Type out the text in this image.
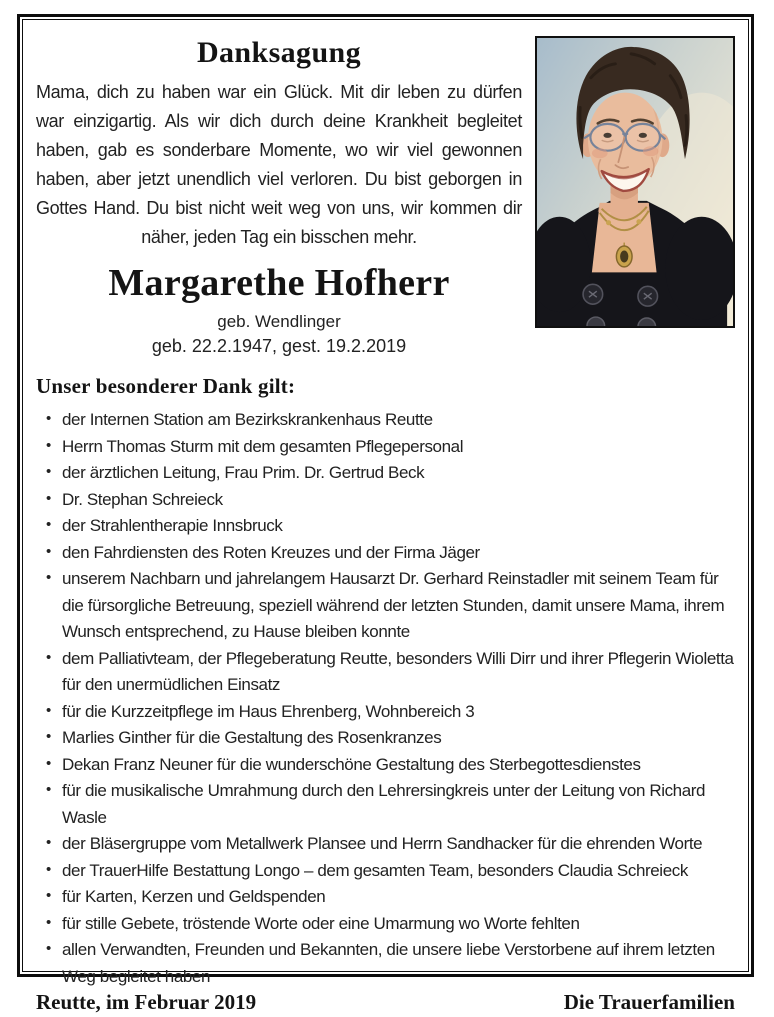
Danksagung
Mama, dich zu haben war ein Glück. Mit dir leben zu dürfen war einzigartig. Als wir dich durch deine Krankheit begleitet haben, gab es sonderbare Momente, wo wir viel gewonnen haben, aber jetzt unendlich viel verloren. Du bist geborgen in Gottes Hand. Du bist nicht weit weg von uns, wir kommen dir näher, jeden Tag ein bisschen mehr.
Margarethe Hofherr
geb. Wendlinger
geb. 22.2.1947, gest. 19.2.2019
Unser besonderer Dank gilt:
• der Internen Station am Bezirkskrankenhaus Reutte
• Herrn Thomas Sturm mit dem gesamten Pflegepersonal
• der ärztlichen Leitung, Frau Prim. Dr. Gertrud Beck
• Dr. Stephan Schreieck
• der Strahlentherapie Innsbruck
• den Fahrdiensten des Roten Kreuzes und der Firma Jäger
• unserem Nachbarn und jahrelangem Hausarzt Dr. Gerhard Reinstadler mit seinem Team für die fürsorgliche Betreuung, speziell während der letzten Stunden, damit unsere Mama, ihrem Wunsch entsprechend, zu Hause bleiben konnte
• dem Palliativteam, der Pflegeberatung Reutte, besonders Willi Dirr und ihrer Pflegerin Wioletta für den unermüdlichen Einsatz
• für die Kurzzeitpflege im Haus Ehrenberg, Wohnbereich 3
• Marlies Ginther für die Gestaltung des Rosenkranzes
• Dekan Franz Neuner für die wunderschöne Gestaltung des Sterbegottesdienstes
• für die musikalische Umrahmung durch den Lehrersingkreis unter der Leitung von Richard Wasle
• der Bläsergruppe vom Metallwerk Plansee und Herrn Sandhacker für die ehrenden Worte
• der TrauerHilfe Bestattung Longo – dem gesamten Team, besonders Claudia Schreieck
• für Karten, Kerzen und Geldspenden
• für stille Gebete, tröstende Worte oder eine Umarmung wo Worte fehlten
• allen Verwandten, Freunden und Bekannten, die unsere liebe Verstorbene auf ihrem letzten Weg begleitet haben
Reutte, im Februar 2019	Die Trauerfamilien
